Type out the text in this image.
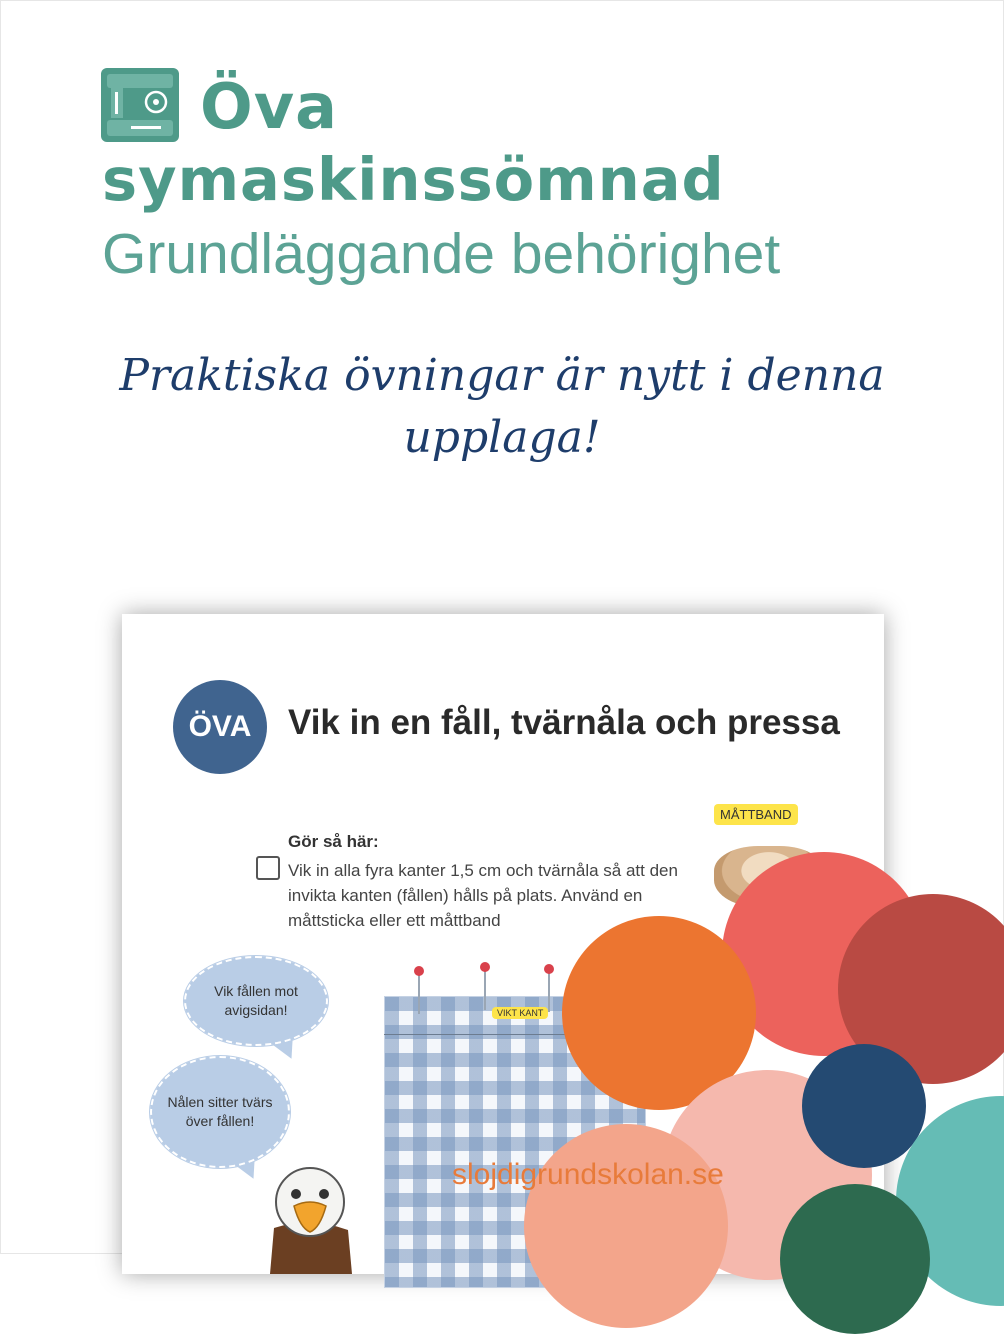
Öva
symaskinssömnad
Grundläggande behörighet
Praktiska övningar är nytt i denna upplaga!
ÖVA	Vik in en fåll, tvärnåla och pressa
MÅTTBAND
Gör så här:
Vik in alla fyra kanter 1,5 cm och tvärnåla så att den invikta kanten (fållen) hålls på plats. Använd en måttsticka eller ett måttband
Vik fållen mot avigsidan!
Nålen sitter tvärs över fållen!
VIKT KANT
slojdigrundskolan.se
